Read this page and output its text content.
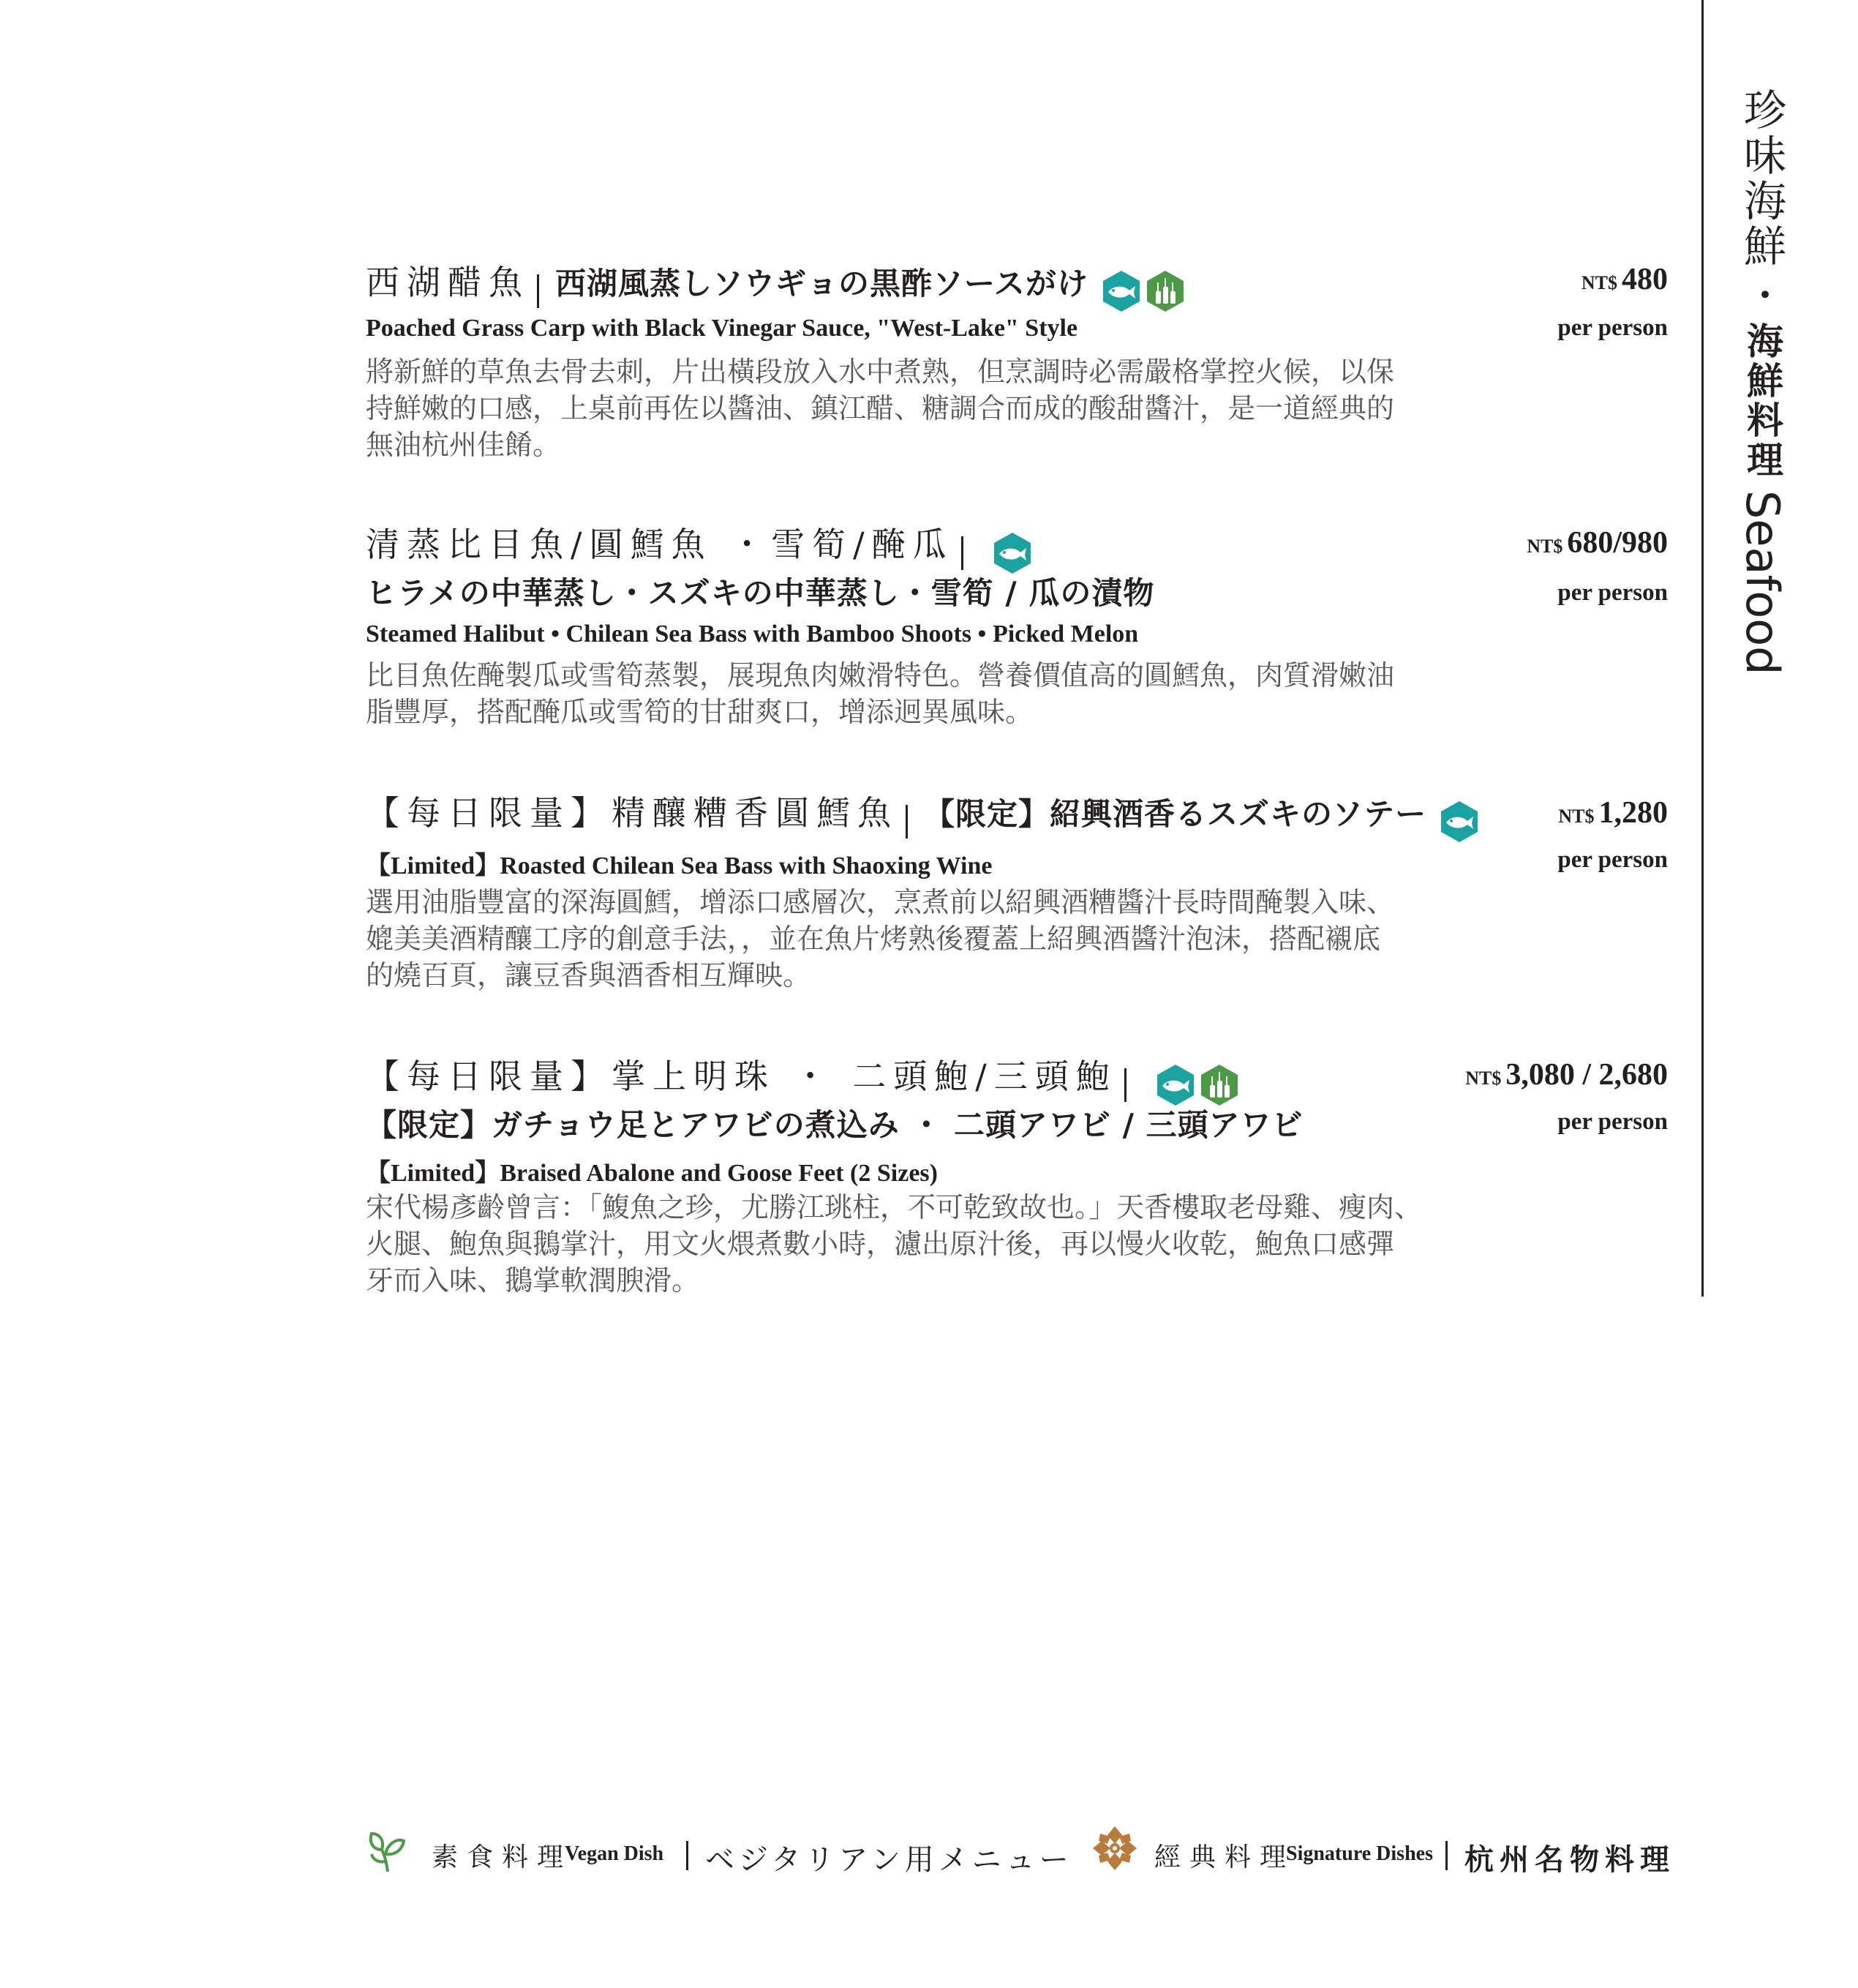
珍
味
海
鮮
・
海
鮮
料
理
Seafood
西湖醋魚 西湖風蒸しソウギョの黒酢ソースがけ
Poached Grass Carp with Black Vinegar Sauce, "West-Lake" Style
將新鮮的草魚去骨去刺，片出橫段放入水中煮熟，但烹調時必需嚴格掌控火候，以保
持鮮嫩的口感，上桌前再佐以醬油、鎮江醋、糖調合而成的酸甜醬汁，是一道經典的
無油杭州佳餚。
NT$ 480
per person
清蒸比目魚/圓鱈魚 ・雪筍/醃瓜
ヒラメの中華蒸し・スズキの中華蒸し・雪筍 / 瓜の漬物
Steamed Halibut • Chilean Sea Bass with Bamboo Shoots • Picked Melon
比目魚佐醃製瓜或雪筍蒸製，展現魚肉嫩滑特色。營養價值高的圓鱈魚，肉質滑嫩油
脂豐厚，搭配醃瓜或雪筍的甘甜爽口，增添迥異風味。
NT$ 680/980
per person
【每日限量】精釀糟香圓鱈魚 【限定】紹興酒香るスズキのソテー
【Limited】Roasted Chilean Sea Bass with Shaoxing Wine
選用油脂豐富的深海圓鱈，增添口感層次，烹煮前以紹興酒糟醬汁長時間醃製入味、
媲美美酒精釀工序的創意手法，，並在魚片烤熟後覆蓋上紹興酒醬汁泡沫，搭配襯底
的燒百頁，讓豆香與酒香相互輝映。
NT$ 1,280
per person
【每日限量】掌上明珠 ・ 二頭鮑/三頭鮑
【限定】ガチョウ足とアワビの煮込み ・ 二頭アワビ / 三頭アワビ
【Limited】Braised Abalone and Goose Feet (2 Sizes)
宋代楊彥齡曾言：「鰒魚之珍，尤勝江珧柱，不可乾致故也。」天香樓取老母雞、瘦肉、
火腿、鮑魚與鵝掌汁，用文火煨煮數小時，濾出原汁後，再以慢火收乾，鮑魚口感彈
牙而入味、鵝掌軟潤腴滑。
NT$ 3,080 / 2,680
per person
素食料理
Vegan Dish ベジタリアン用メニュー	經典料理
Signature Dishes 杭州名物料理
